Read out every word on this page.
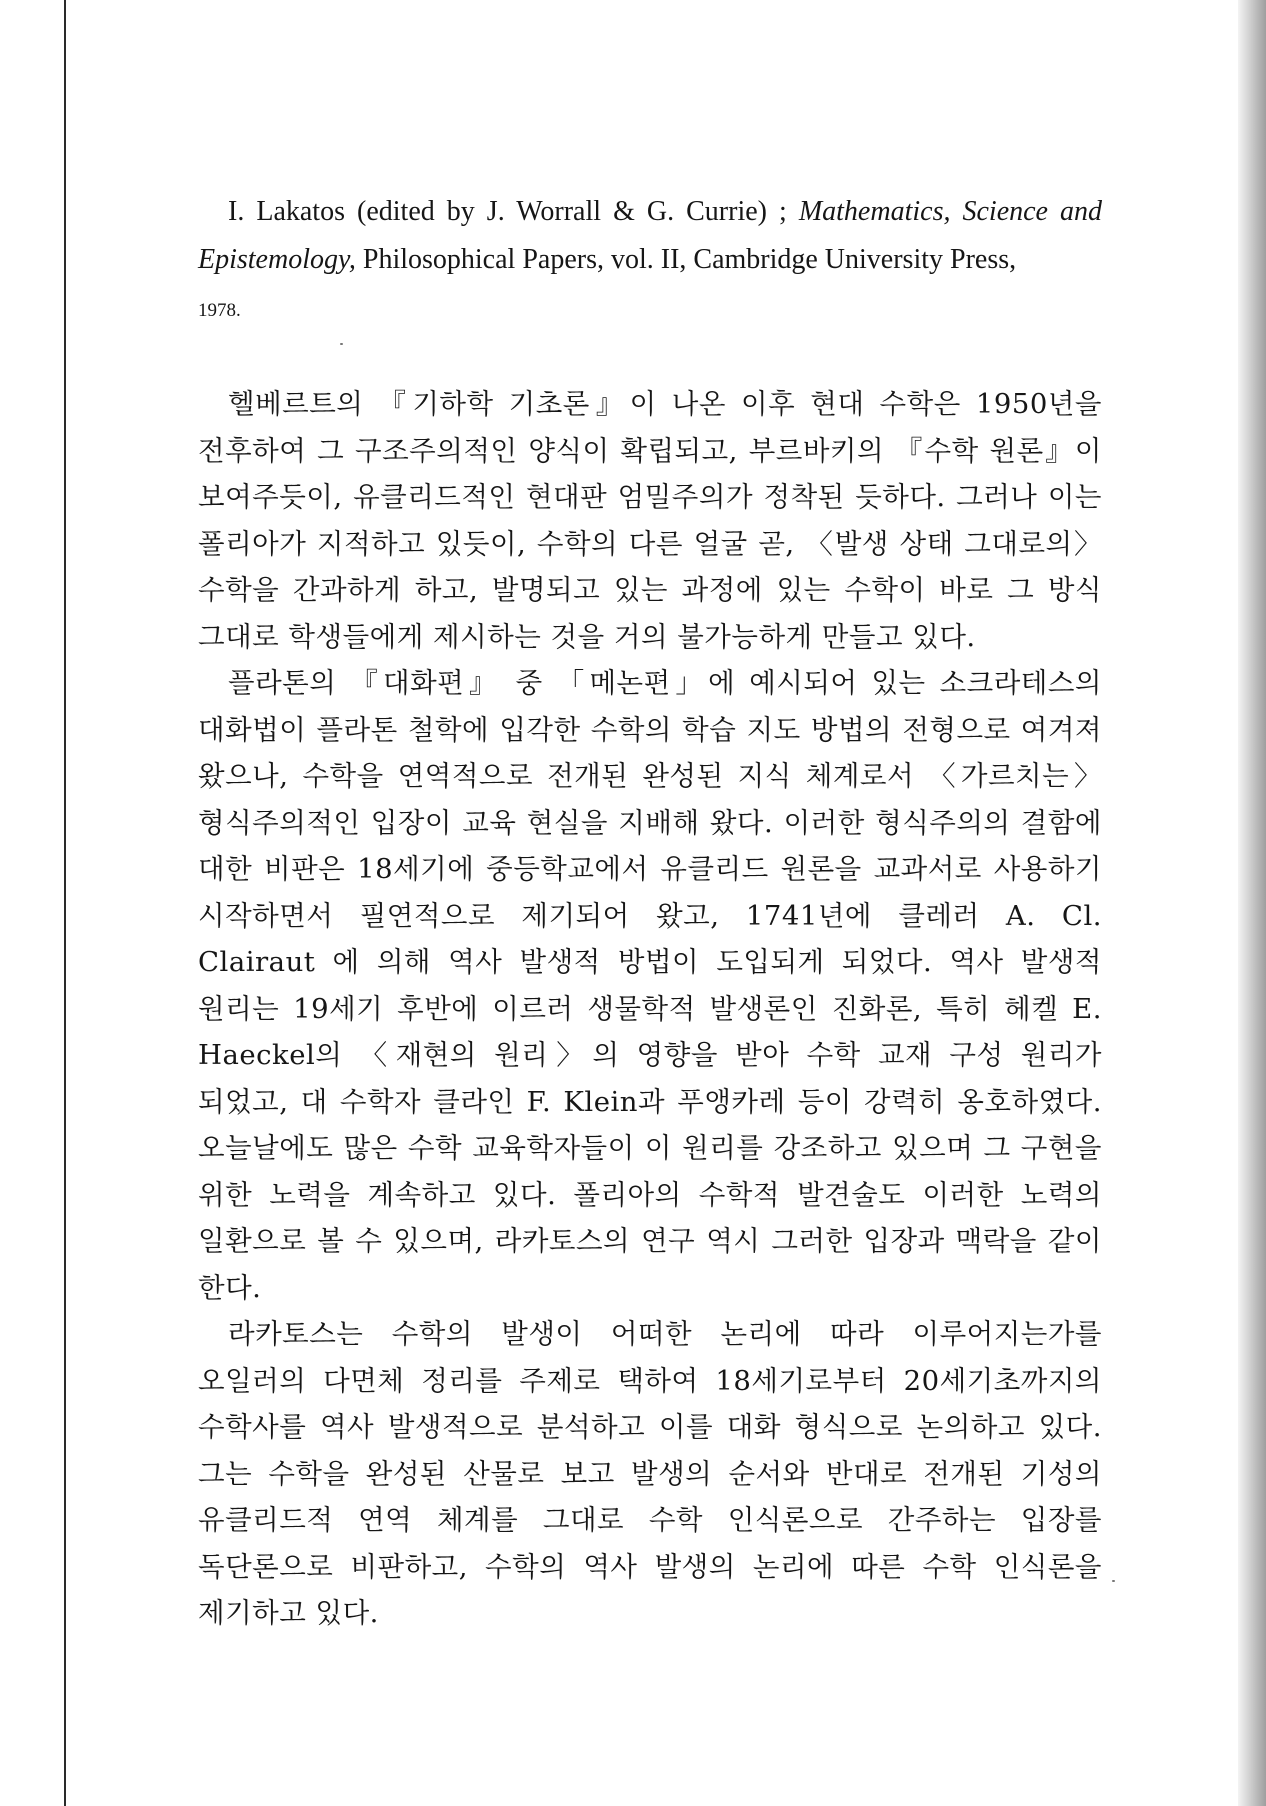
I. Lakatos (edited by J. Worrall & G. Currie) ; Mathematics, Science and Epistemology, Philosophical Papers, vol. II, Cambridge University Press,
1978.

헬베르트의 『기하학 기초론』이 나온 이후 현대 수학은 1950년을 전후하여 그 구조주의적인 양식이 확립되고, 부르바키의 『수학 원론』이 보여주듯이, 유클리드적인 현대판 엄밀주의가 정착된 듯하다. 그러나 이는 폴리아가 지적하고 있듯이, 수학의 다른 얼굴 곧, 〈발생 상태 그대로의〉 수학을 간과하게 하고, 발명되고 있는 과정에 있는 수학이 바로 그 방식 그대로 학생들에게 제시하는 것을 거의 불가능하게 만들고 있다.

플라톤의 『대화편』 중 「메논편」에 예시되어 있는 소크라테스의 대화법이 플라톤 철학에 입각한 수학의 학습 지도 방법의 전형으로 여겨져 왔으나, 수학을 연역적으로 전개된 완성된 지식 체계로서 〈가르치는〉 형식주의적인 입장이 교육 현실을 지배해 왔다. 이러한 형식주의의 결함에 대한 비판은 18세기에 중등학교에서 유클리드 원론을 교과서로 사용하기 시작하면서 필연적으로 제기되어 왔고, 1741년에 클레러 A. Cl. Clairaut 에 의해 역사 발생적 방법이 도입되게 되었다. 역사 발생적 원리는 19세기 후반에 이르러 생물학적 발생론인 진화론, 특히 헤켈 E. Haeckel의 〈재현의 원리〉의 영향을 받아 수학 교재 구성 원리가 되었고, 대 수학자 클라인 F. Klein과 푸앵카레 등이 강력히 옹호하였다. 오늘날에도 많은 수학 교육학자들이 이 원리를 강조하고 있으며 그 구현을 위한 노력을 계속하고 있다. 폴리아의 수학적 발견술도 이러한 노력의 일환으로 볼 수 있으며, 라카토스의 연구 역시 그러한 입장과 맥락을 같이 한다.

라카토스는 수학의 발생이 어떠한 논리에 따라 이루어지는가를 오일러의 다면체 정리를 주제로 택하여 18세기로부터 20세기초까지의 수학사를 역사 발생적으로 분석하고 이를 대화 형식으로 논의하고 있다. 그는 수학을 완성된 산물로 보고 발생의 순서와 반대로 전개된 기성의 유클리드적 연역 체계를 그대로 수학 인식론으로 간주하는 입장를 독단론으로 비판하고, 수학의 역사 발생의 논리에 따른 수학 인식론을 제기하고 있다.
